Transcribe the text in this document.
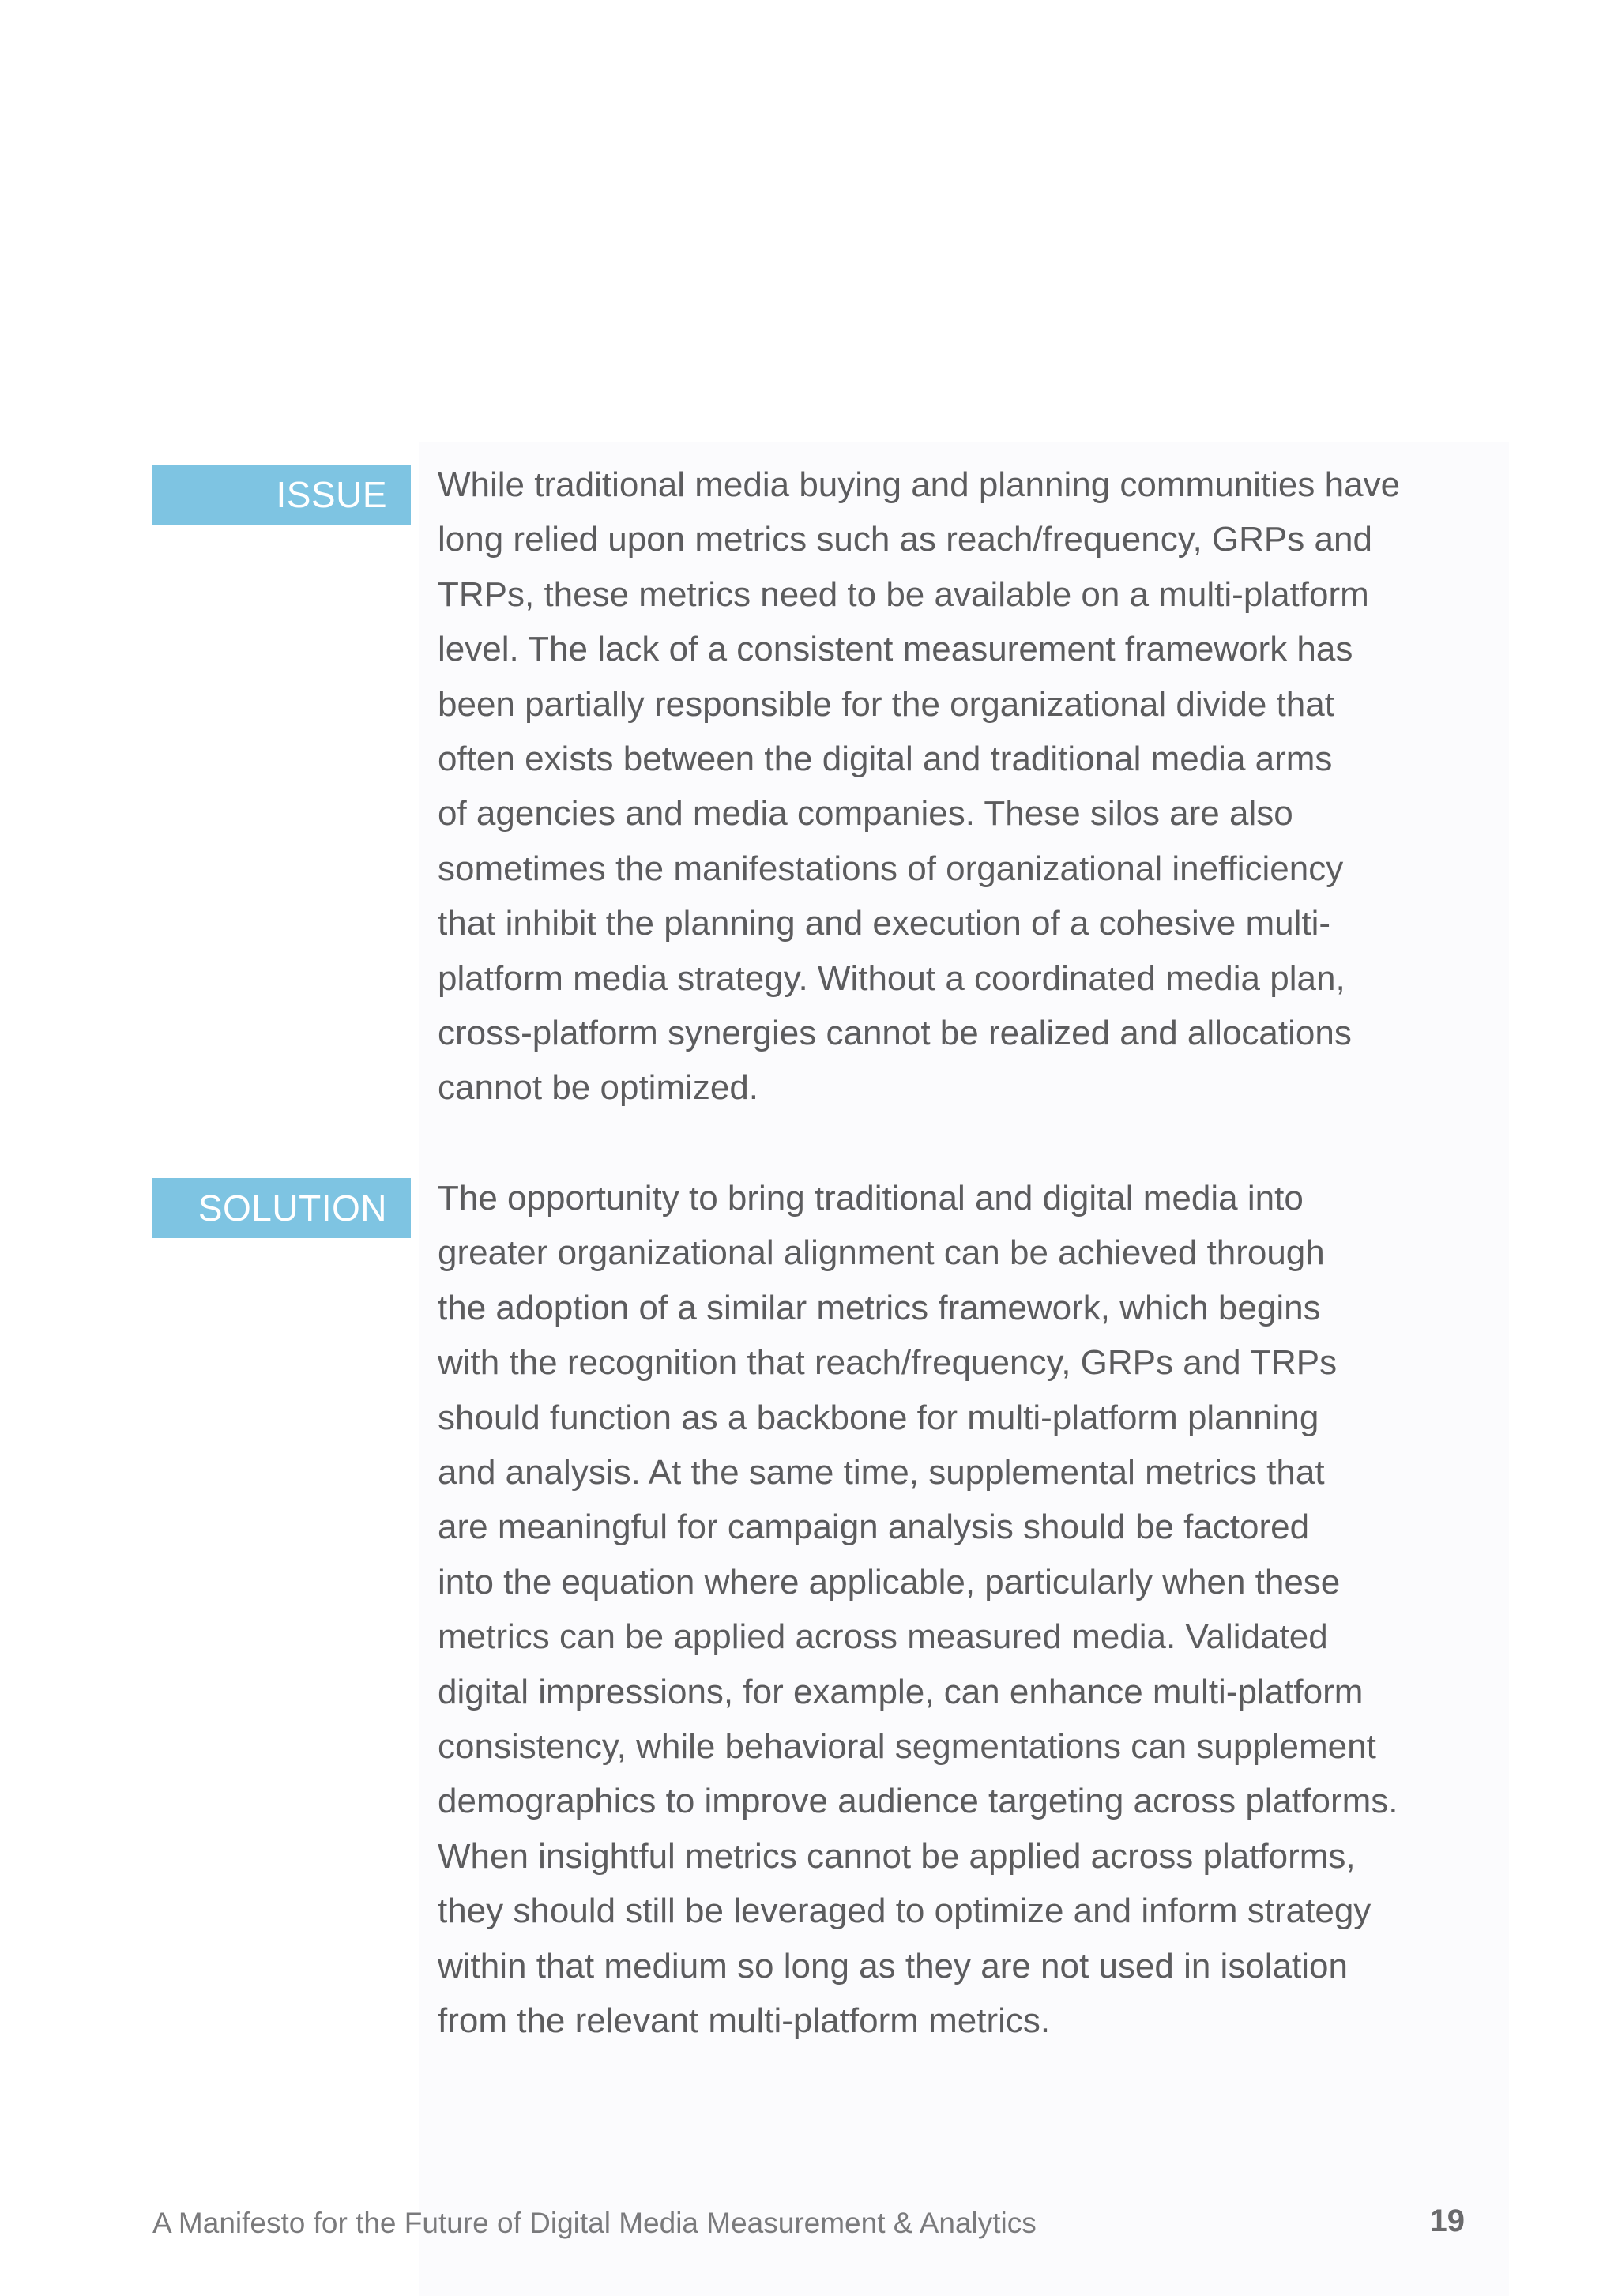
ISSUE	While traditional media buying and planning communities have
long relied upon metrics such as reach/frequency, GRPs and
TRPs, these metrics need to be available on a multi-platform
level. The lack of a consistent measurement framework has
been partially responsible for the organizational divide that
often exists between the digital and traditional media arms
of agencies and media companies. These silos are also
sometimes the manifestations of organizational inefficiency
that inhibit the planning and execution of a cohesive multi-
platform media strategy. Without a coordinated media plan,
cross-platform synergies cannot be realized and allocations
cannot be optimized.

SOLUTION	The opportunity to bring traditional and digital media into
greater organizational alignment can be achieved through
the adoption of a similar metrics framework, which begins
with the recognition that reach/frequency, GRPs and TRPs
should function as a backbone for multi-platform planning
and analysis. At the same time, supplemental metrics that
are meaningful for campaign analysis should be factored
into the equation where applicable, particularly when these
metrics can be applied across measured media. Validated
digital impressions, for example, can enhance multi-platform
consistency, while behavioral segmentations can supplement
demographics to improve audience targeting across platforms.
When insightful metrics cannot be applied across platforms,
they should still be leveraged to optimize and inform strategy
within that medium so long as they are not used in isolation
from the relevant multi-platform metrics.

A Manifesto for the Future of Digital Media Measurement & Analytics	19
